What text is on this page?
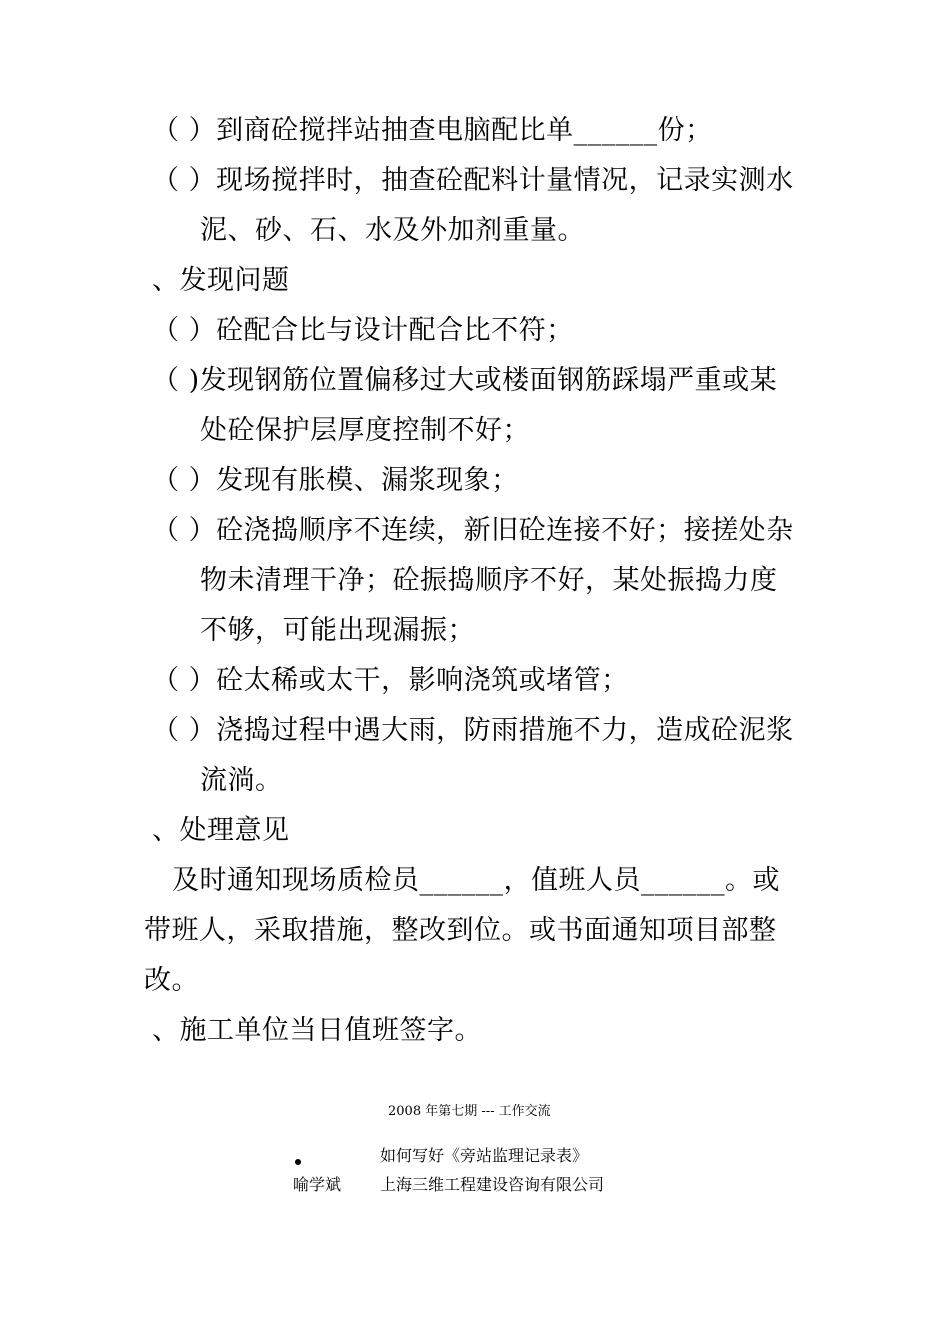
（ ）到商砼搅拌站抽查电脑配比单______份；
（ ）现场搅拌时，抽查砼配料计量情况，记录实测水
泥、砂、石、水及外加剂重量。
、发现问题
（ ）砼配合比与设计配合比不符；
（ )发现钢筋位置偏移过大或楼面钢筋踩塌严重或某
处砼保护层厚度控制不好；
（ ）发现有胀模、漏浆现象；
（ ）砼浇捣顺序不连续，新旧砼连接不好；接搓处杂
物未清理干净；砼振捣顺序不好，某处振捣力度
不够，可能出现漏振；
（ ）砼太稀或太干，影响浇筑或堵管；
（ ）浇捣过程中遇大雨，防雨措施不力，造成砼泥浆
流淌。
、处理意见
及时通知现场质检员______，值班人员______。或
带班人，采取措施，整改到位。或书面通知项目部整
改。
、施工单位当日值班签字。
2008 年第七期 --- 工作交流
如何写好《旁站监理记录表》
喻学斌 上海三维工程建设咨询有限公司
